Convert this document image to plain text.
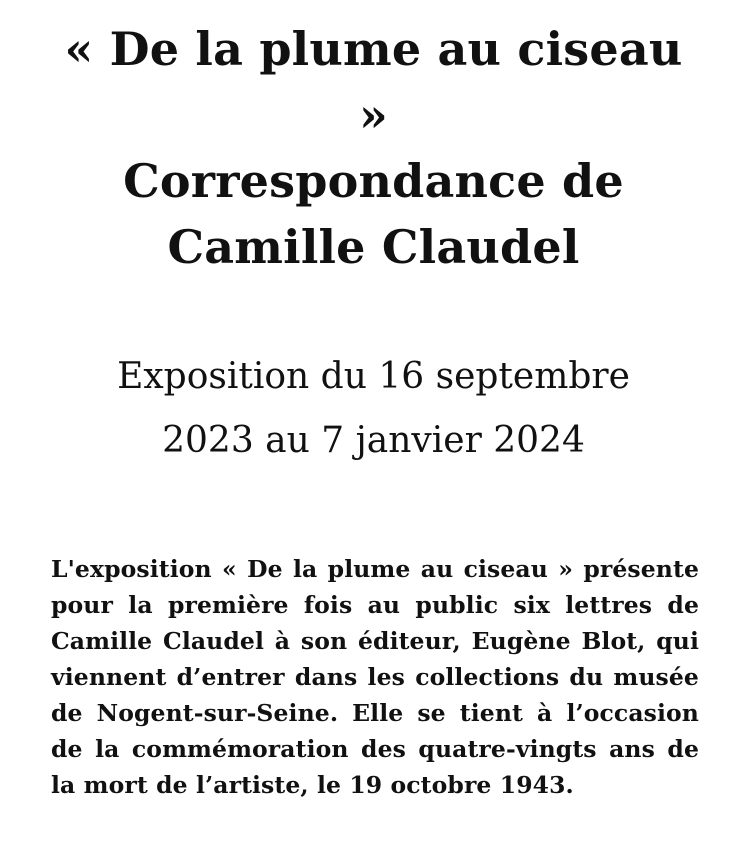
« De la plume au ciseau
»
Correspondance de
Camille Claudel
Exposition du 16 septembre
2023 au 7 janvier 2024

L'exposition « De la plume au ciseau » présente pour la première fois au public six lettres de Camille Claudel à son éditeur, Eugène Blot, qui viennent d’entrer dans les collections du musée de Nogent-sur-Seine. Elle se tient à l’occasion de la commémoration des quatre-vingts ans de la mort de l’artiste, le 19 octobre 1943.
